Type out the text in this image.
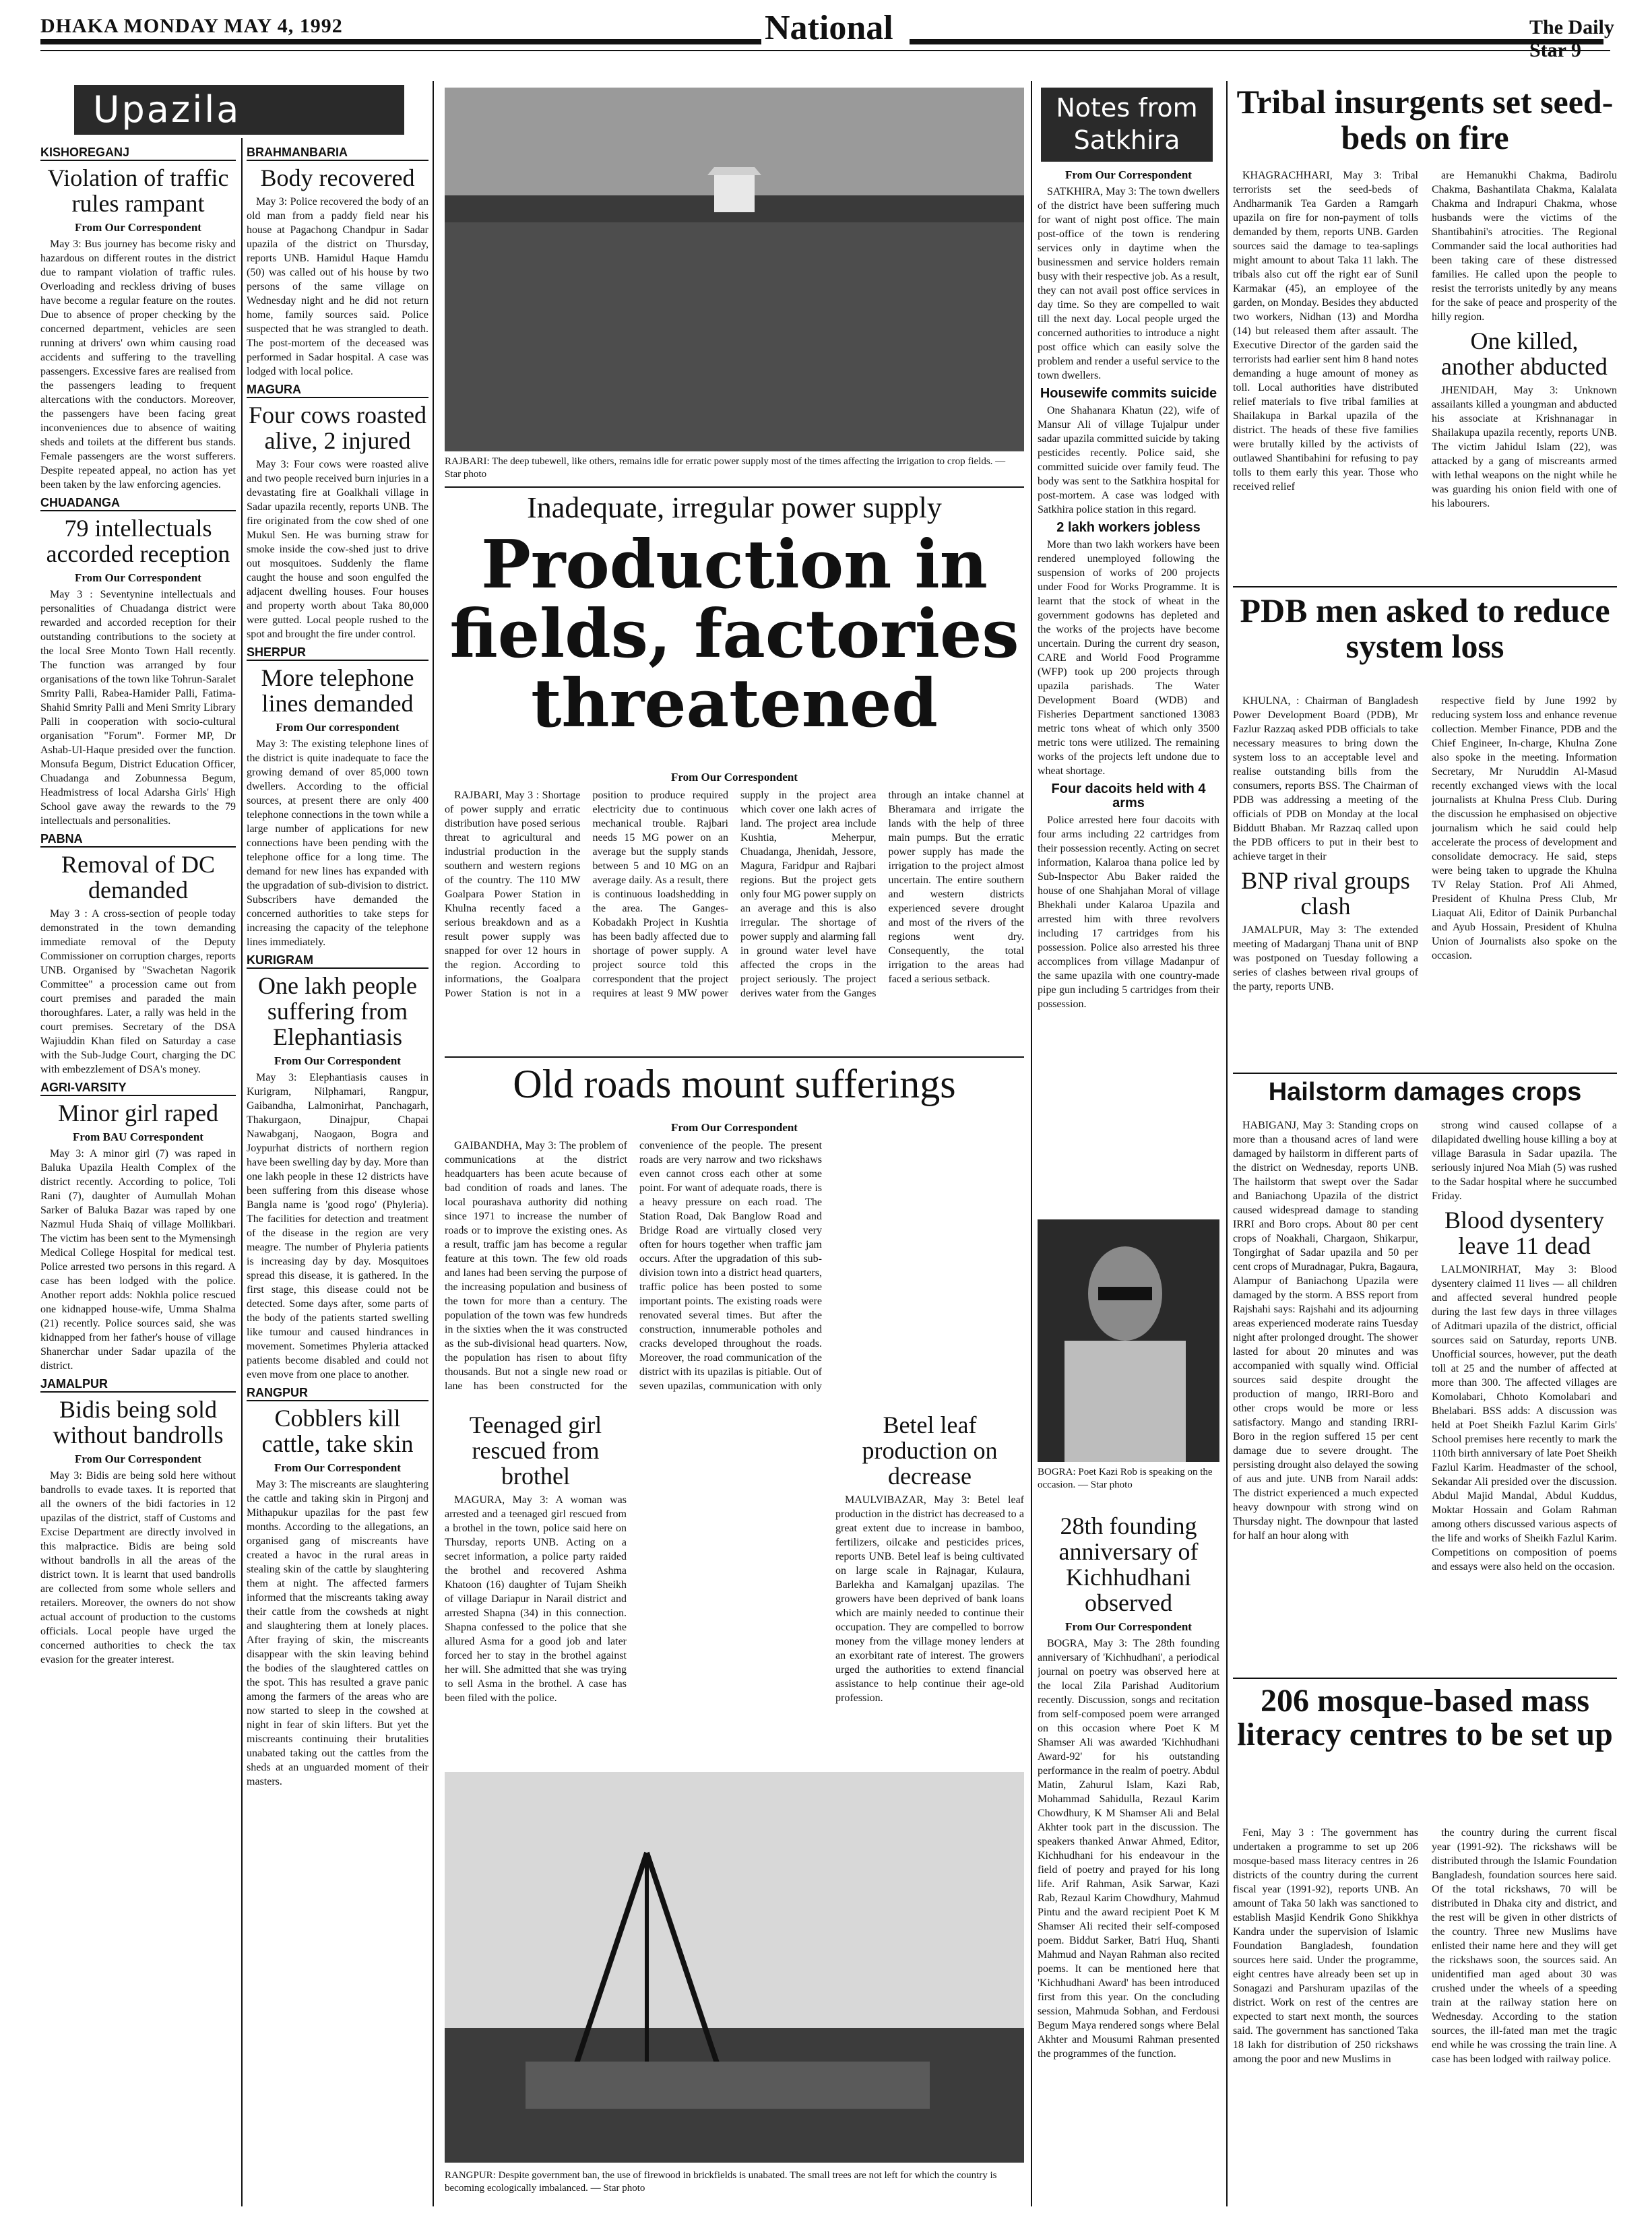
DHAKA MONDAY MAY 4, 1992	National	The Daily Star 9
Upazila	Notes from Satkhira
KISHOREGANJ
Violation of traffic rules rampant
From Our Correspondent

May 3: Bus journey has become risky and hazardous on different routes in the district due to rampant violation of traffic rules. Overloading and reckless driving of buses have become a regular feature on the routes. Due to absence of proper checking by the concerned department, vehicles are seen running at drivers' own whim causing road accidents and suffering to the travelling passengers. Excessive fares are realised from the passengers leading to frequent altercations with the conductors. Moreover, the passengers have been facing great inconveniences due to absence of waiting sheds and toilets at the different bus stands. Female passengers are the worst sufferers. Despite repeated appeal, no action has yet been taken by the law enforcing agencies.

CHUADANGA
79 intellectuals accorded reception
From Our Correspondent

May 3 : Seventynine intellectuals and personalities of Chuadanga district were rewarded and accorded reception for their outstanding contributions to the society at the local Sree Monto Town Hall recently. The function was arranged by four organisations of the town like Tohrun-Saralet Smrity Palli, Rabea-Hamider Palli, Fatima-Shahid Smrity Palli and Meni Smrity Library Palli in cooperation with socio-cultural organisation "Forum". Former MP, Dr Ashab-Ul-Haque presided over the function. Monsufa Begum, District Education Officer, Chuadanga and Zobunnessa Begum, Headmistress of local Adarsha Girls' High School gave away the rewards to the 79 intellectuals and personalities.

PABNA
Removal of DC demanded

May 3 : A cross-section of people today demonstrated in the town demanding immediate removal of the Deputy Commissioner on corruption charges, reports UNB. Organised by "Swachetan Nagorik Committee" a procession came out from court premises and paraded the main thoroughfares. Later, a rally was held in the court premises. Secretary of the DSA Wajiuddin Khan filed on Saturday a case with the Sub-Judge Court, charging the DC with embezzlement of DSA's money.

AGRI-VARSITY
Minor girl raped
From BAU Correspondent

May 3: A minor girl (7) was raped in Baluka Upazila Health Complex of the district recently. According to police, Toli Rani (7), daughter of Aumullah Mohan Sarker of Baluka Bazar was raped by one Nazmul Huda Shaiq of village Mollikbari. The victim has been sent to the Mymensingh Medical College Hospital for medical test. Police arrested two persons in this regard. A case has been lodged with the police. Another report adds: Nokhla police rescued one kidnapped house-wife, Umma Shalma (21) recently. Police sources said, she was kidnapped from her father's house of village Shanerchar under Sadar upazila of the district.

JAMALPUR
Bidis being sold without bandrolls
From Our Correspondent

May 3: Bidis are being sold here without bandrolls to evade taxes. It is reported that all the owners of the bidi factories in 12 upazilas of the district, staff of Customs and Excise Department are directly involved in this malpractice. Bidis are being sold without bandrolls in all the areas of the district town. It is learnt that used bandrolls are collected from some whole sellers and retailers. Moreover, the owners do not show actual account of production to the customs officials. Local people have urged the concerned authorities to check the tax evasion for the greater interest.

BRAHMANBARIA
Body recovered

May 3: Police recovered the body of an old man from a paddy field near his house at Pagachong Chandpur in Sadar upazila of the district on Thursday, reports UNB. Hamidul Haque Hamdu (50) was called out of his house by two persons of the same village on Wednesday night and he did not return home, family sources said. Police suspected that he was strangled to death. The post-mortem of the deceased was performed in Sadar hospital. A case was lodged with local police.

MAGURA
Four cows roasted alive, 2 injured

May 3: Four cows were roasted alive and two people received burn injuries in a devastating fire at Goalkhali village in Sadar upazila recently, reports UNB. The fire originated from the cow shed of one Mukul Sen. He was burning straw for smoke inside the cow-shed just to drive out mosquitoes. Suddenly the flame caught the house and soon engulfed the adjacent dwelling houses. Four houses and property worth about Taka 80,000 were gutted. Local people rushed to the spot and brought the fire under control.

SHERPUR
More telephone lines demanded
From Our correspondent

May 3: The existing telephone lines of the district is quite inadequate to face the growing demand of over 85,000 town dwellers. According to the official sources, at present there are only 400 telephone connections in the town while a large number of applications for new connections have been pending with the telephone office for a long time. The demand for new lines has expanded with the upgradation of sub-division to district. Subscribers have demanded the concerned authorities to take steps for increasing the capacity of the telephone lines immediately.

KURIGRAM
One lakh people suffering from Elephantiasis
From Our Correspondent

May 3: Elephantiasis causes in Kurigram, Nilphamari, Rangpur, Gaibandha, Lalmonirhat, Panchagarh, Thakurgaon, Dinajpur, Chapai Nawabganj, Naogaon, Bogra and Joypurhat districts of northern region have been swelling day by day. More than one lakh people in these 12 districts have been suffering from this disease whose Bangla name is 'good rogo' (Phyleria). The facilities for detection and treatment of the disease in the region are very meagre. The number of Phyleria patients is increasing day by day. Mosquitoes spread this disease, it is gathered. In the first stage, this disease could not be detected. Some days after, some parts of the body of the patients started swelling like tumour and caused hindrances in movement. Sometimes Phyleria attacked patients become disabled and could not even move from one place to another.

RANGPUR
Cobblers kill cattle, take skin
From Our Correspondent

May 3: The miscreants are slaughtering the cattle and taking skin in Pirgonj and Mithapukur upazilas for the past few months. According to the allegations, an organised gang of miscreants have created a havoc in the rural areas in stealing skin of the cattle by slaughtering them at night. The affected farmers informed that the miscreants taking away their cattle from the cowsheds at night and slaughtering them at lonely places. After fraying of skin, the miscreants disappear with the skin leaving behind the bodies of the slaughtered cattles on the spot. This has resulted a grave panic among the farmers of the areas who are now started to sleep in the cowshed at night in fear of skin lifters. But yet the miscreants continuing their brutalities unabated taking out the cattles from the sheds at an unguarded moment of their masters.

RAJBARI: The deep tubewell, like others, remains idle for erratic power supply most of the times affecting the irrigation to crop fields. — Star photo
Inadequate, irregular power supply
Production in fields, factories threatened
From Our Correspondent

RAJBARI, May 3 : Shortage of power supply and erratic distribution have posed serious threat to agricultural and industrial production in the southern and western regions of the country. The 110 MW Goalpara Power Station in Khulna recently faced a serious breakdown and as a result power supply was snapped for over 12 hours in the region. According to informations, the Goalpara Power Station is not in a position to produce required electricity due to continuous mechanical trouble. Rajbari needs 15 MG power on an average but the supply stands between 5 and 10 MG on an average daily. As a result, there is continuous loadshedding in the area. The Ganges-Kobadakh Project in Kushtia has been badly affected due to shortage of power supply. A project source told this correspondent that the project requires at least 9 MW power supply in the project area which cover one lakh acres of land. The project area include Kushtia, Meherpur, Chuadanga, Jhenidah, Jessore, Magura, Faridpur and Rajbari regions. But the project gets only four MG power supply on an average and this is also irregular. The shortage of power supply and alarming fall in ground water level have affected the crops in the project seriously. The project derives water from the Ganges through an intake channel at Bheramara and irrigate the lands with the help of three main pumps. But the erratic power supply has made the irrigation to the project almost uncertain. The entire southern and western districts experienced severe drought and most of the rivers of the regions went dry. Consequently, the total irrigation to the areas had faced a serious setback.

Old roads mount sufferings
From Our Correspondent

GAIBANDHA, May 3: The problem of communications at the district headquarters has been acute because of bad condition of roads and lanes. The local pourashava authority did nothing since 1971 to increase the number of roads or to improve the existing ones. As a result, traffic jam has become a regular feature at this town. The few old roads and lanes had been serving the purpose of the increasing population and business of the town for more than a century. The population of the town was few hundreds in the sixties when the it was constructed as the sub-divisional head quarters. Now, the population has risen to about fifty thousands. But not a single new road or lane has been constructed for the convenience of the people. The present roads are very narrow and two rickshaws even cannot cross each other at some point. For want of adequate roads, there is a heavy pressure on each road. The Station Road, Dak Banglow Road and Bridge Road are virtually closed very often for hours together when traffic jam occurs. After the upgradation of this sub-division town into a district head quarters, traffic police has been posted to some important points. The existing roads were renovated several times. But after the construction, innumerable potholes and cracks developed throughout the roads. Moreover, the road communication of the district with its upazilas is pitiable. Out of seven upazilas, communication with only

Teenaged girl rescued from brothel

MAGURA, May 3: A woman was arrested and a teenaged girl rescued from a brothel in the town, police said here on Thursday, reports UNB. Acting on a secret information, a police party raided the brothel and recovered Ashma Khatoon (16) daughter of Tujam Sheikh of village Dariapur in Narail district and arrested Shapna (34) in this connection. Shapna confessed to the police that she allured Asma for a good job and later forced her to stay in the brothel against her will. She admitted that she was trying to sell Asma in the brothel. A case has been filed with the police.

Betel leaf production on decrease

MAULVIBAZAR, May 3: Betel leaf production in the district has decreased to a great extent due to increase in bamboo, fertilizers, oilcake and pesticides prices, reports UNB. Betel leaf is being cultivated on large scale in Rajnagar, Kulaura, Barlekha and Kamalganj upazilas. The growers have been deprived of bank loans which are mainly needed to continue their occupation. They are compelled to borrow money from the village money lenders at an exorbitant rate of interest. The growers urged the authorities to extend financial assistance to help continue their age-old profession.

RANGPUR: Despite government ban, the use of firewood in brickfields is unabated. The small trees are not left for which the country is becoming ecologically imbalanced. — Star photo
From Our Correspondent

SATKHIRA, May 3: The town dwellers of the district have been suffering much for want of night post office. The main post-office of the town is rendering services only in daytime when the businessmen and service holders remain busy with their respective job. As a result, they can not avail post office services in day time. So they are compelled to wait till the next day. Local people urged the concerned authorities to introduce a night post office which can easily solve the problem and render a useful service to the town dwellers.

Housewife commits suicide

One Shahanara Khatun (22), wife of Mansur Ali of village Tujalpur under sadar upazila committed suicide by taking pesticides recently. Police said, she committed suicide over family feud. The body was sent to the Satkhira hospital for post-mortem. A case was lodged with Satkhira police station in this regard.

2 lakh workers jobless

More than two lakh workers have been rendered unemployed following the suspension of works of 200 projects under Food for Works Programme. It is learnt that the stock of wheat in the government godowns has depleted and the works of the projects have become uncertain. During the current dry season, CARE and World Food Programme (WFP) took up 200 projects through upazila parishads. The Water Development Board (WDB) and Fisheries Department sanctioned 13083 metric tons wheat of which only 3500 metric tons were utilized. The remaining works of the projects left undone due to wheat shortage.

Four dacoits held with 4 arms

Police arrested here four dacoits with four arms including 22 cartridges from their possession recently. Acting on secret information, Kalaroa thana police led by Sub-Inspector Abu Baker raided the house of one Shahjahan Moral of village Bhekhali under Kalaroa Upazila and arrested him with three revolvers including 17 cartridges from his possession. Police also arrested his three accomplices from village Madanpur of the same upazila with one country-made pipe gun including 5 cartridges from their possession.

BOGRA: Poet Kazi Rob is speaking on the occasion. — Star photo
28th founding anniversary of Kichhudhani observed
From Our Correspondent

BOGRA, May 3: The 28th founding anniversary of 'Kichhudhani', a periodical journal on poetry was observed here at the local Zila Parishad Auditorium recently. Discussion, songs and recitation from self-composed poem were arranged on this occasion where Poet K M Shamser Ali was awarded 'Kichhudhani Award-92' for his outstanding performance in the realm of poetry. Abdul Matin, Zahurul Islam, Kazi Rab, Mohammad Sahidulla, Rezaul Karim Chowdhury, K M Shamser Ali and Belal Akhter took part in the discussion. The speakers thanked Anwar Ahmed, Editor, Kichhudhani for his endeavour in the field of poetry and prayed for his long life. Arif Rahman, Asik Sarwar, Kazi Rab, Rezaul Karim Chowdhury, Mahmud Pintu and the award recipient Poet K M Shamser Ali recited their self-composed poem. Biddut Sarker, Batri Huq, Shanti Mahmud and Nayan Rahman also recited poems. It can be mentioned here that 'Kichhudhani Award' has been introduced first from this year. On the concluding session, Mahmuda Sobhan, and Ferdousi Begum Maya rendered songs where Belal Akhter and Mousumi Rahman presented the programmes of the function.

Tribal insurgents set seed-beds on fire

KHAGRACHHARI, May 3: Tribal terrorists set the seed-beds of Andharmanik Tea Garden a Ramgarh upazila on fire for non-payment of tolls demanded by them, reports UNB. Garden sources said the damage to tea-saplings might amount to about Taka 11 lakh. The tribals also cut off the right ear of Sunil Karmakar (45), an employee of the garden, on Monday. Besides they abducted two workers, Nidhan (13) and Mordha (14) but released them after assault. The Executive Director of the garden said the terrorists had earlier sent him 8 hand notes demanding a huge amount of money as toll. Local authorities have distributed relief materials to five tribal families at Shailakupa in Barkal upazila of the district. The heads of these five families were brutally killed by the activists of outlawed Shantibahini for refusing to pay tolls to them early this year. Those who received relief

are Hemanukhi Chakma, Badirolu Chakma, Bashantilata Chakma, Kalalata Chakma and Indrapuri Chakma, whose husbands were the victims of the Shantibahini's atrocities. The Regional Commander said the local authorities had been taking care of these distressed families. He called upon the people to resist the terrorists unitedly by any means for the sake of peace and prosperity of the hilly region.

One killed, another abducted

JHENIDAH, May 3: Unknown assailants killed a youngman and abducted his associate at Krishnanagar in Shailakupa upazila recently, reports UNB. The victim Jahidul Islam (22), was attacked by a gang of miscreants armed with lethal weapons on the night while he was guarding his onion field with one of his labourers.

PDB men asked to reduce system loss

KHULNA, : Chairman of Bangladesh Power Development Board (PDB), Mr Fazlur Razzaq asked PDB officials to take necessary measures to bring down the system loss to an acceptable level and realise outstanding bills from the consumers, reports BSS. The Chairman of PDB was addressing a meeting of the officials of PDB on Monday at the local Biddutt Bhaban. Mr Razzaq called upon the PDB officers to put in their best to achieve target in their

BNP rival groups clash

JAMALPUR, May 3: The extended meeting of Madarganj Thana unit of BNP was postponed on Tuesday following a series of clashes between rival groups of the party, reports UNB.

respective field by June 1992 by reducing system loss and enhance revenue collection. Member Finance, PDB and the Chief Engineer, In-charge, Khulna Zone also spoke in the meeting. Information Secretary, Mr Nuruddin Al-Masud recently exchanged views with the local journalists at Khulna Press Club. During the discussion he emphasised on objective journalism which he said could help accelerate the process of development and consolidate democracy. He said, steps were being taken to upgrade the Khulna TV Relay Station. Prof Ali Ahmed, President of Khulna Press Club, Mr Liaquat Ali, Editor of Dainik Purbanchal and Ayub Hossain, President of Khulna Union of Journalists also spoke on the occasion.

Hailstorm damages crops

HABIGANJ, May 3: Standing crops on more than a thousand acres of land were damaged by hailstorm in different parts of the district on Wednesday, reports UNB. The hailstorm that swept over the Sadar and Baniachong Upazila of the district caused widespread damage to standing IRRI and Boro crops. About 80 per cent crops of Noakhali, Chargaon, Shikarpur, Tongirghat of Sadar upazila and 50 per cent crops of Muradnagar, Pukra, Bagaura, Alampur of Baniachong Upazila were damaged by the storm. A BSS report from Rajshahi says: Rajshahi and its adjourning areas experienced moderate rains Tuesday night after prolonged drought. The shower lasted for about 20 minutes and was accompanied with squally wind. Official sources said despite drought the production of mango, IRRI-Boro and other crops would be more or less satisfactory. Mango and standing IRRI-Boro in the region suffered 15 per cent damage due to severe drought. The persisting drought also delayed the sowing of aus and jute. UNB from Narail adds: The district experienced a much expected heavy downpour with strong wind on Thursday night. The downpour that lasted for half an hour along with

strong wind caused collapse of a dilapidated dwelling house killing a boy at village Barasula in Sadar upazila. The seriously injured Noa Miah (5) was rushed to the Sadar hospital where he succumbed Friday.

Blood dysentery leave 11 dead

LALMONIRHAT, May 3: Blood dysentery claimed 11 lives — all children and affected several hundred people during the last few days in three villages of Aditmari upazila of the district, official sources said on Saturday, reports UNB. Unofficial sources, however, put the death toll at 25 and the number of affected at more than 300. The affected villages are Komolabari, Chhoto Komolabari and Bhelabari. BSS adds: A discussion was held at Poet Sheikh Fazlul Karim Girls' School premises here recently to mark the 110th birth anniversary of late Poet Sheikh Fazlul Karim. Headmaster of the school, Sekandar Ali presided over the discussion. Abdul Majid Mandal, Abdul Kuddus, Moktar Hossain and Golam Rahman among others discussed various aspects of the life and works of Sheikh Fazlul Karim. Competitions on composition of poems and essays were also held on the occasion.

206 mosque-based mass literacy centres to be set up

Feni, May 3 : The government has undertaken a programme to set up 206 mosque-based mass literacy centres in 26 districts of the country during the current fiscal year (1991-92), reports UNB. An amount of Taka 50 lakh was sanctioned to establish Masjid Kendrik Gono Shikkhya Kandra under the supervision of Islamic Foundation Bangladesh, foundation sources here said. Under the programme, eight centres have already been set up in Sonagazi and Parshuram upazilas of the district. Work on rest of the centres are expected to start next month, the sources said. The government has sanctioned Taka 18 lakh for distribution of 250 rickshaws among the poor and new Muslims in

the country during the current fiscal year (1991-92). The rickshaws will be distributed through the Islamic Foundation Bangladesh, foundation sources here said. Of the total rickshaws, 70 will be distributed in Dhaka city and district, and the rest will be given in other districts of the country. Three new Muslims have enlisted their name here and they will get the rickshaws soon, the sources said. An unidentified man aged about 30 was crushed under the wheels of a speeding train at the railway station here on Wednesday. According to the station sources, the ill-fated man met the tragic end while he was crossing the train line. A case has been lodged with railway police.
